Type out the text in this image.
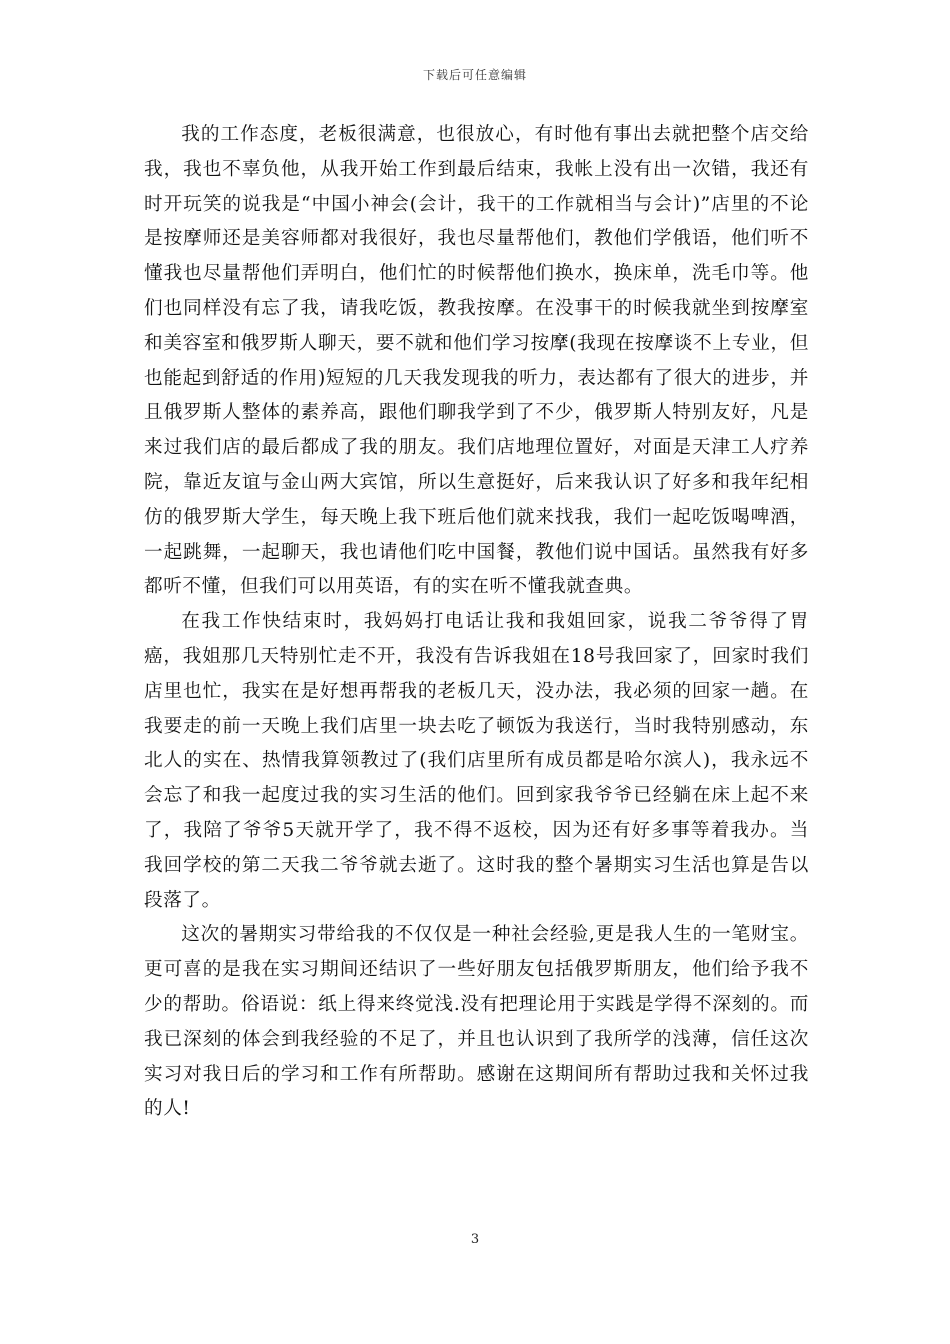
下载后可任意编辑

我的工作态度，老板很满意，也很放心，有时他有事出去就把整个店交给我，我也不辜负他，从我开始工作到最后结束，我帐上没有出一次错，我还有时开玩笑的说我是“中国小神会(会计，我干的工作就相当与会计)”店里的不论是按摩师还是美容师都对我很好，我也尽量帮他们，教他们学俄语，他们听不懂我也尽量帮他们弄明白，他们忙的时候帮他们换水，换床单，洗毛巾等。他们也同样没有忘了我，请我吃饭，教我按摩。在没事干的时候我就坐到按摩室和美容室和俄罗斯人聊天，要不就和他们学习按摩(我现在按摩谈不上专业，但也能起到舒适的作用)短短的几天我发现我的听力，表达都有了很大的进步，并且俄罗斯人整体的素养高，跟他们聊我学到了不少，俄罗斯人特别友好，凡是来过我们店的最后都成了我的朋友。我们店地理位置好，对面是天津工人疗养院，靠近友谊与金山两大宾馆，所以生意挺好，后来我认识了好多和我年纪相仿的俄罗斯大学生，每天晚上我下班后他们就来找我，我们一起吃饭喝啤酒，一起跳舞，一起聊天，我也请他们吃中国餐，教他们说中国话。虽然我有好多都听不懂，但我们可以用英语，有的实在听不懂我就查典。

在我工作快结束时，我妈妈打电话让我和我姐回家，说我二爷爷得了胃癌，我姐那几天特别忙走不开，我没有告诉我姐在18号我回家了，回家时我们店里也忙，我实在是好想再帮我的老板几天，没办法，我必须的回家一趟。在我要走的前一天晚上我们店里一块去吃了顿饭为我送行，当时我特别感动，东北人的实在、热情我算领教过了(我们店里所有成员都是哈尔滨人)，我永远不会忘了和我一起度过我的实习生活的他们。回到家我爷爷已经躺在床上起不来了，我陪了爷爷5天就开学了，我不得不返校，因为还有好多事等着我办。当我回学校的第二天我二爷爷就去逝了。这时我的整个暑期实习生活也算是告以段落了。

这次的暑期实习带给我的不仅仅是一种社会经验,更是我人生的一笔财宝。更可喜的是我在实习期间还结识了一些好朋友包括俄罗斯朋友，他们给予我不少的帮助。俗语说：纸上得来终觉浅.没有把理论用于实践是学得不深刻的。而我已深刻的体会到我经验的不足了，并且也认识到了我所学的浅薄，信任这次实习对我日后的学习和工作有所帮助。感谢在这期间所有帮助过我和关怀过我的人!

3
